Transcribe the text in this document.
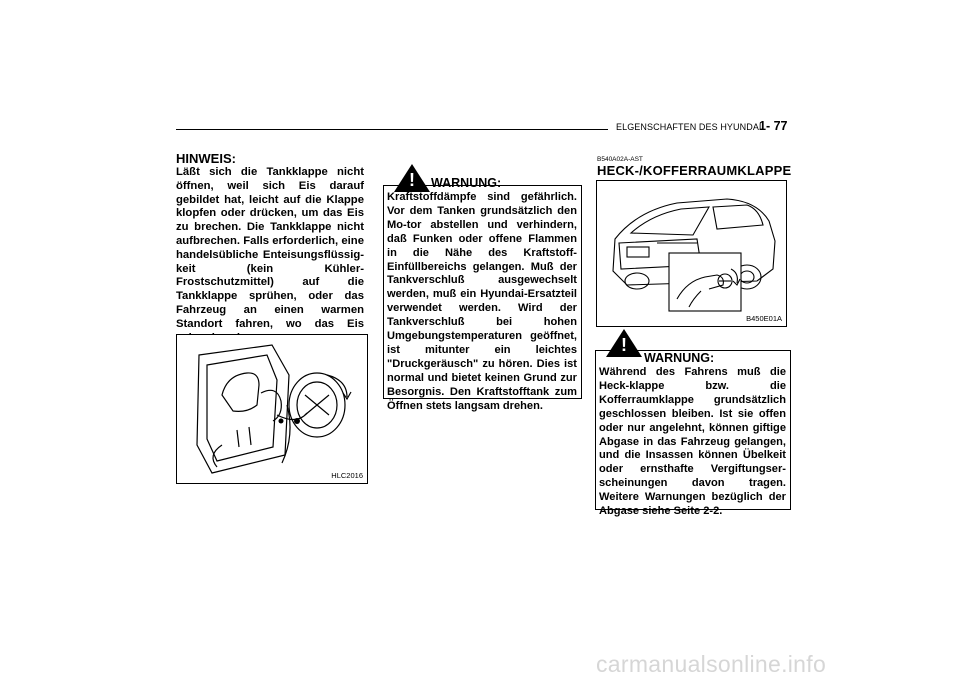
ELGENSCHAFTEN DES HYUNDAI
1- 77
HINWEIS:
Läßt sich die Tankklappe nicht öffnen, weil sich Eis darauf gebildet hat, leicht auf die Klappe klopfen oder drücken, um das Eis zu brechen. Die Tankklappe nicht aufbrechen. Falls erforderlich, eine handelsübliche Enteisungsflüssig-keit (kein Kühler-Frostschutzmittel) auf die Tankklappe sprühen, oder das Fahrzeug an einen warmen Standort fahren, wo das Eis
HLC2016
!	WARNUNG:
Kraftstoffdämpfe sind gefährlich. Vor dem Tanken grundsätzlich den Mo-tor abstellen und verhindern, daß Funken oder offene Flammen in die Nähe des Kraftstoff-Einfüllbereichs gelangen. Muß der Tankverschluß ausgewechselt werden, muß ein Hyundai-Ersatzteil verwendet werden. Wird der Tankverschluß bei hohen Umgebungstemperaturen geöffnet, ist mitunter ein leichtes "Druckgeräusch" zu hören. Dies ist normal und bietet keinen Grund zur Besorgnis. Den Kraftstofftank zum Öffnen stets langsam drehen.
B540A02A-AST
HECK-/KOFFERRAUMKLAPPE
B450E01A
!
WARNUNG:
Während des Fahrens muß die Heck-klappe bzw. die Kofferraumklappe grundsätzlich geschlossen bleiben. Ist sie offen oder nur angelehnt, können giftige Abgase in das Fahrzeug gelangen, und die Insassen können Übelkeit oder ernsthafte Vergiftungser-scheinungen davon tragen. Weitere Warnungen bezüglich der Abgase siehe Seite 2-2.
carmanualsonline.info
